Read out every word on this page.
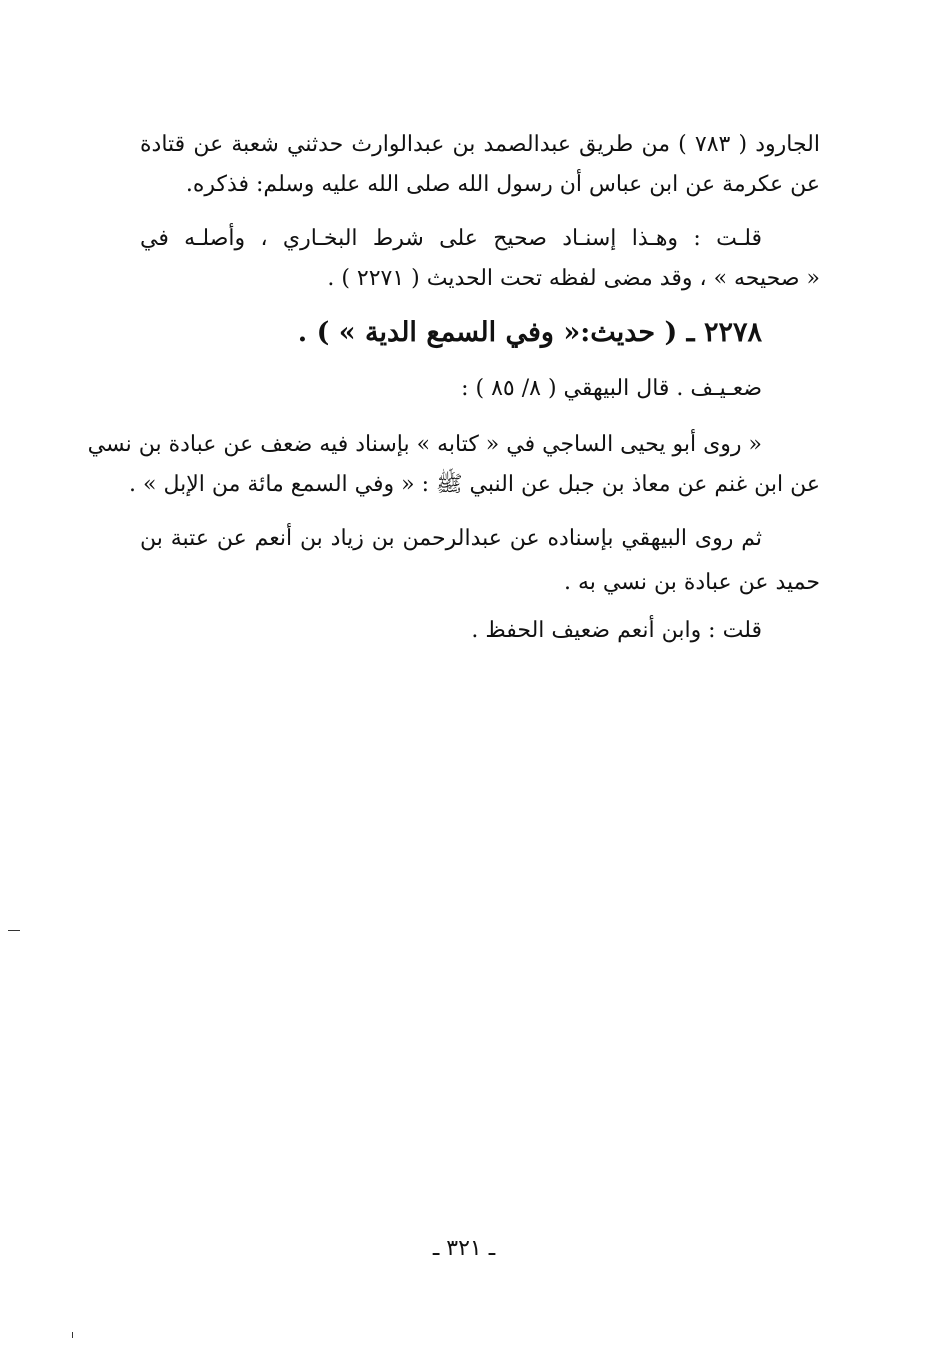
الجارود ( ٧٨٣ ) من طريق عبدالصمد بن عبدالوارث حدثني شعبة عن قتادة
عن عكرمة عن ابن عباس أن رسول الله صلى الله عليه وسلم: فذكره.
قلـت : وهـذا إسنـاد صحيح على شرط البخـاري ، وأصلـه في
« صحيحه » ، وقد مضى لفظه تحت الحديث ( ٢٢٧١ ) .
٢٢٧٨ ـ ( حديث:« وفي السمع الدية » ) .
ضعـيـف . قال البيهقي ( ٨/ ٨٥ ) :
« روى أبو يحيى الساجي في « كتابه » بإسناد فيه ضعف عن عبادة بن نسي
عن ابن غنم عن معاذ بن جبل عن النبي ﷺ : « وفي السمع مائة من الإبل » .
ثم روى البيهقي بإسناده عن عبدالرحمن بن زياد بن أنعم عن عتبة بن
حميد عن عبادة بن نسي به .
قلت : وابن أنعم ضعيف الحفظ .
ـ ٣٢١ ـ
